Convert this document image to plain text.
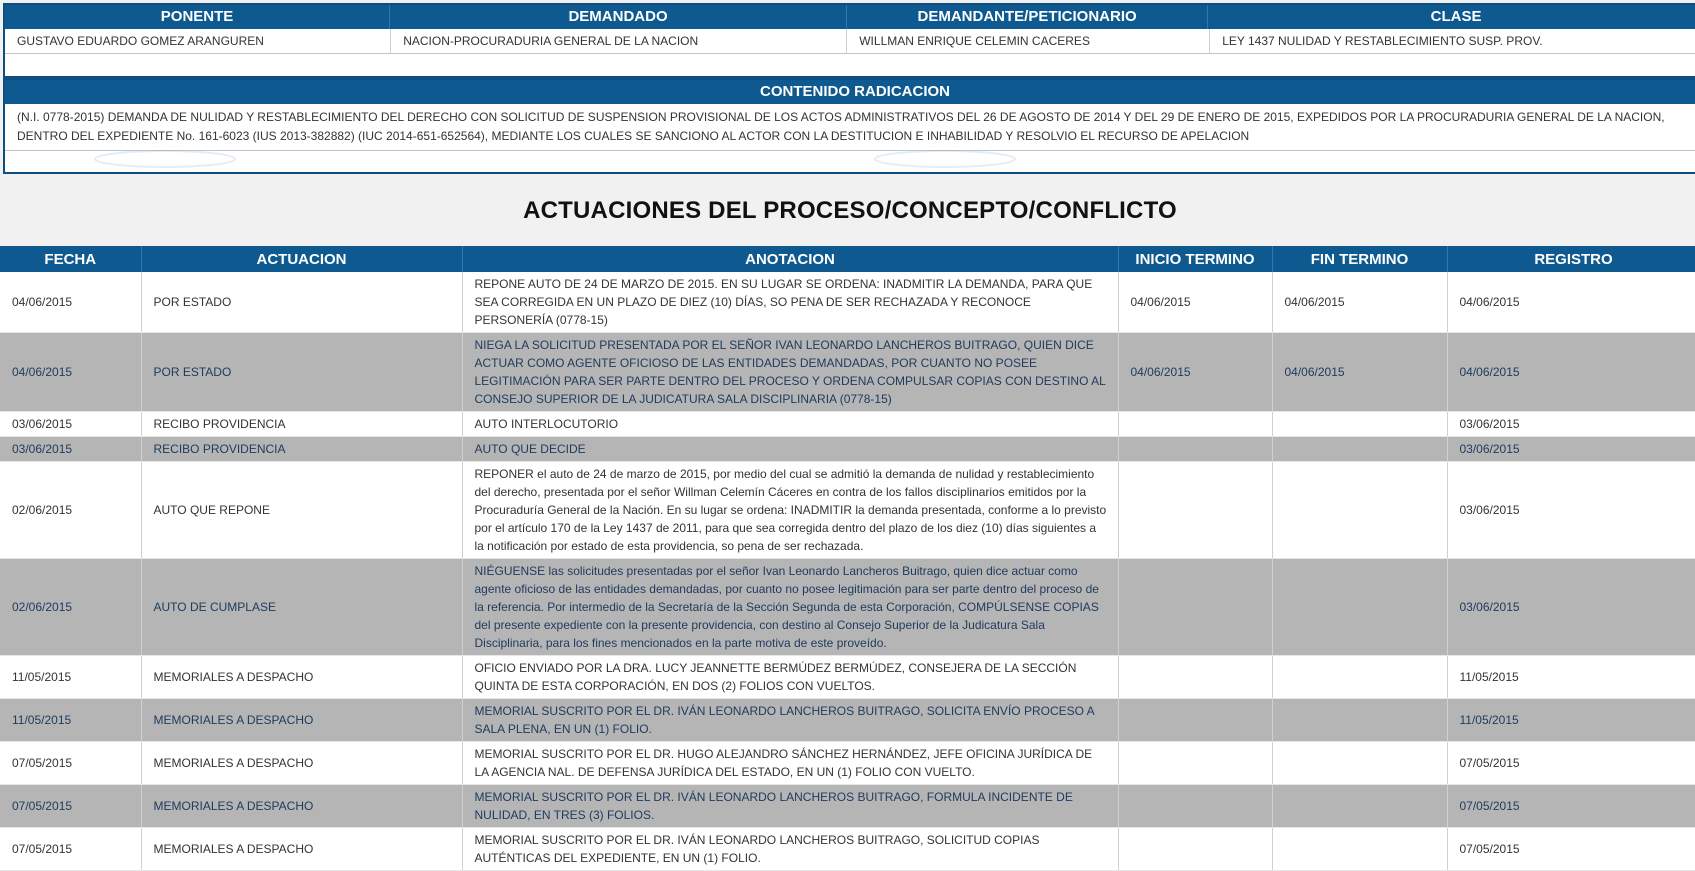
PONENTE	DEMANDADO	DEMANDANTE/PETICIONARIO	CLASE
GUSTAVO EDUARDO GOMEZ ARANGUREN	NACION-PROCURADURIA GENERAL DE LA NACION	WILLMAN ENRIQUE CELEMIN CACERES	LEY 1437 NULIDAD Y RESTABLECIMIENTO SUSP. PROV.
CONTENIDO RADICACION
(N.I. 0778-2015) DEMANDA DE NULIDAD Y RESTABLECIMIENTO DEL DERECHO CON SOLICITUD DE SUSPENSION PROVISIONAL DE LOS ACTOS ADMINISTRATIVOS DEL 26 DE AGOSTO DE 2014 Y DEL 29 DE ENERO DE 2015, EXPEDIDOS POR LA PROCURADURIA GENERAL DE LA NACION, DENTRO DEL EXPEDIENTE No. 161-6023 (IUS 2013-382882) (IUC 2014-651-652564), MEDIANTE LOS CUALES SE SANCIONO AL ACTOR CON LA DESTITUCION E INHABILIDAD Y RESOLVIO EL RECURSO DE APELACION
ACTUACIONES DEL PROCESO/CONCEPTO/CONFLICTO
FECHA	ACTUACION	ANOTACION	INICIO TERMINO	FIN TERMINO	REGISTRO
04/06/2015	POR ESTADO	REPONE AUTO DE 24 DE MARZO DE 2015. EN SU LUGAR SE ORDENA: INADMITIR LA DEMANDA, PARA QUE SEA CORREGIDA EN UN PLAZO DE DIEZ (10) DÍAS, SO PENA DE SER RECHAZADA Y RECONOCE PERSONERÍA (0778-15)	04/06/2015	04/06/2015	04/06/2015
04/06/2015	POR ESTADO	NIEGA LA SOLICITUD PRESENTADA POR EL SEÑOR IVAN LEONARDO LANCHEROS BUITRAGO, QUIEN DICE ACTUAR COMO AGENTE OFICIOSO DE LAS ENTIDADES DEMANDADAS, POR CUANTO NO POSEE LEGITIMACIÓN PARA SER PARTE DENTRO DEL PROCESO Y ORDENA COMPULSAR COPIAS CON DESTINO AL CONSEJO SUPERIOR DE LA JUDICATURA SALA DISCIPLINARIA (0778-15)	04/06/2015	04/06/2015	04/06/2015
03/06/2015	RECIBO PROVIDENCIA	AUTO INTERLOCUTORIO			03/06/2015
03/06/2015	RECIBO PROVIDENCIA	AUTO QUE DECIDE			03/06/2015
02/06/2015	AUTO QUE REPONE	REPONER el auto de 24 de marzo de 2015, por medio del cual se admitió la demanda de nulidad y restablecimiento del derecho, presentada por el señor Willman Celemín Cáceres en contra de los fallos disciplinarios emitidos por la Procuraduría General de la Nación. En su lugar se ordena: INADMITIR la demanda presentada, conforme a lo previsto por el artículo 170 de la Ley 1437 de 2011, para que sea corregida dentro del plazo de los diez (10) días siguientes a la notificación por estado de esta providencia, so pena de ser rechazada.			03/06/2015
02/06/2015	AUTO DE CUMPLASE	NIÉGUENSE las solicitudes presentadas por el señor Ivan Leonardo Lancheros Buitrago, quien dice actuar como agente oficioso de las entidades demandadas, por cuanto no posee legitimación para ser parte dentro del proceso de la referencia. Por intermedio de la Secretaría de la Sección Segunda de esta Corporación, COMPÚLSENSE COPIAS del presente expediente con la presente providencia, con destino al Consejo Superior de la Judicatura Sala Disciplinaria, para los fines mencionados en la parte motiva de este proveído.			03/06/2015
11/05/2015	MEMORIALES A DESPACHO	OFICIO ENVIADO POR LA DRA. LUCY JEANNETTE BERMÚDEZ BERMÚDEZ, CONSEJERA DE LA SECCIÓN QUINTA DE ESTA CORPORACIÓN, EN DOS (2) FOLIOS CON VUELTOS.			11/05/2015
11/05/2015	MEMORIALES A DESPACHO	MEMORIAL SUSCRITO POR EL DR. IVÁN LEONARDO LANCHEROS BUITRAGO, SOLICITA ENVÍO PROCESO A SALA PLENA, EN UN (1) FOLIO.			11/05/2015
07/05/2015	MEMORIALES A DESPACHO	MEMORIAL SUSCRITO POR EL DR. HUGO ALEJANDRO SÁNCHEZ HERNÁNDEZ, JEFE OFICINA JURÍDICA DE LA AGENCIA NAL. DE DEFENSA JURÍDICA DEL ESTADO, EN UN (1) FOLIO CON VUELTO.			07/05/2015
07/05/2015	MEMORIALES A DESPACHO	MEMORIAL SUSCRITO POR EL DR. IVÁN LEONARDO LANCHEROS BUITRAGO, FORMULA INCIDENTE DE NULIDAD, EN TRES (3) FOLIOS.			07/05/2015
07/05/2015	MEMORIALES A DESPACHO	MEMORIAL SUSCRITO POR EL DR. IVÁN LEONARDO LANCHEROS BUITRAGO, SOLICITUD COPIAS AUTÉNTICAS DEL EXPEDIENTE, EN UN (1) FOLIO.			07/05/2015
